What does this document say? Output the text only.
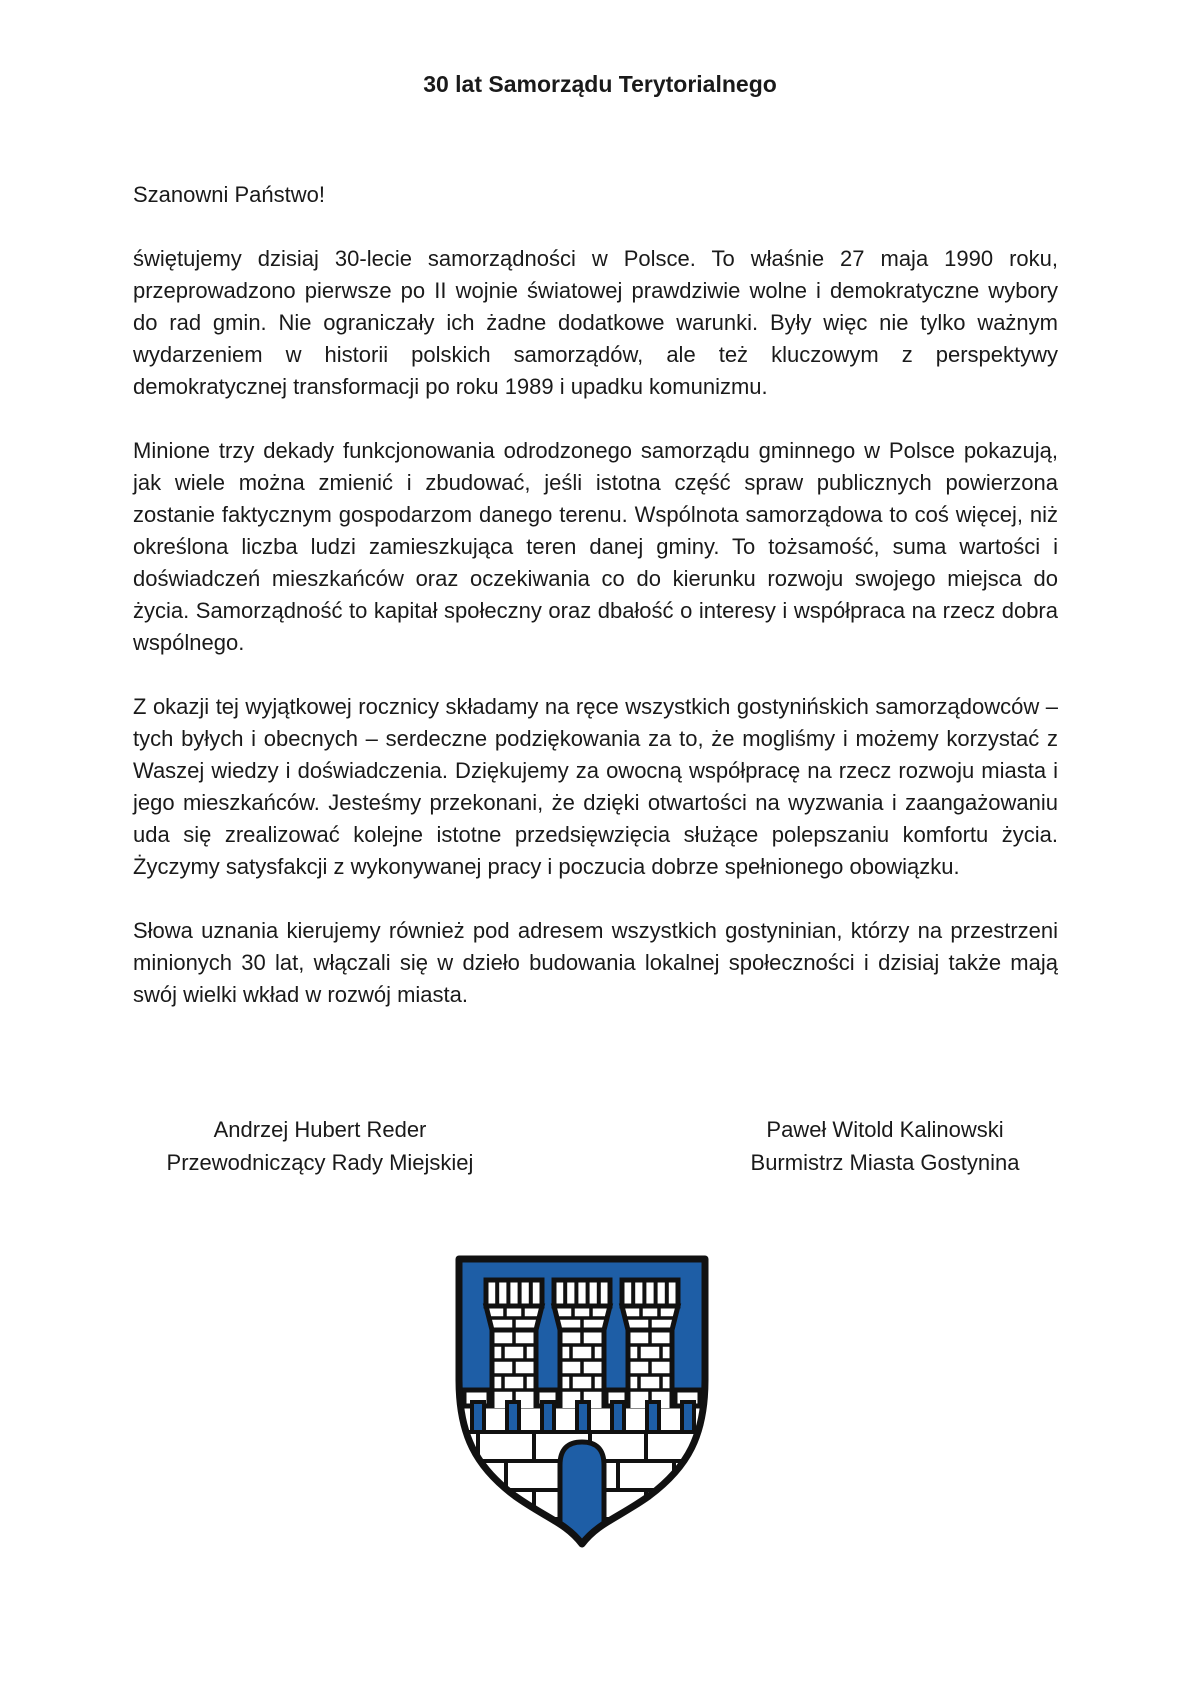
30 lat Samorządu Terytorialnego
Szanowni Państwo!

świętujemy dzisiaj 30-lecie samorządności w Polsce. To właśnie 27 maja 1990 roku, przeprowadzono pierwsze po II wojnie światowej prawdziwie wolne i demokratyczne wybory do rad gmin. Nie ograniczały ich żadne dodatkowe warunki. Były więc nie tylko ważnym wydarzeniem w historii polskich samorządów, ale też kluczowym z perspektywy demokratycznej transformacji po roku 1989 i upadku komunizmu.

Minione trzy dekady funkcjonowania odrodzonego samorządu gminnego w Polsce pokazują, jak wiele można zmienić i zbudować, jeśli istotna część spraw publicznych powierzona zostanie faktycznym gospodarzom danego terenu. Wspólnota samorządowa to coś więcej, niż określona liczba ludzi zamieszkująca teren danej gminy. To tożsamość, suma wartości i doświadczeń mieszkańców oraz oczekiwania co do kierunku rozwoju swojego miejsca do życia. Samorządność to kapitał społeczny oraz dbałość o interesy i współpraca na rzecz dobra wspólnego.

Z okazji tej wyjątkowej rocznicy składamy na ręce wszystkich gostynińskich samorządowców – tych byłych i obecnych – serdeczne podziękowania za to, że mogliśmy i możemy korzystać z Waszej wiedzy i doświadczenia. Dziękujemy za owocną współpracę na rzecz rozwoju miasta i jego mieszkańców. Jesteśmy przekonani, że dzięki otwartości na wyzwania i zaangażowaniu uda się zrealizować kolejne istotne przedsięwzięcia służące polepszaniu komfortu życia. Życzymy satysfakcji z wykonywanej pracy i poczucia dobrze spełnionego obowiązku.

Słowa uznania kierujemy również pod adresem wszystkich gostyninian, którzy na przestrzeni minionych 30 lat, włączali się w dzieło budowania lokalnej społeczności i dzisiaj także mają swój wielki wkład w rozwój miasta.

Andrzej Hubert Reder
Przewodniczący Rady Miejskiej
Paweł Witold Kalinowski
Burmistrz Miasta Gostynina
